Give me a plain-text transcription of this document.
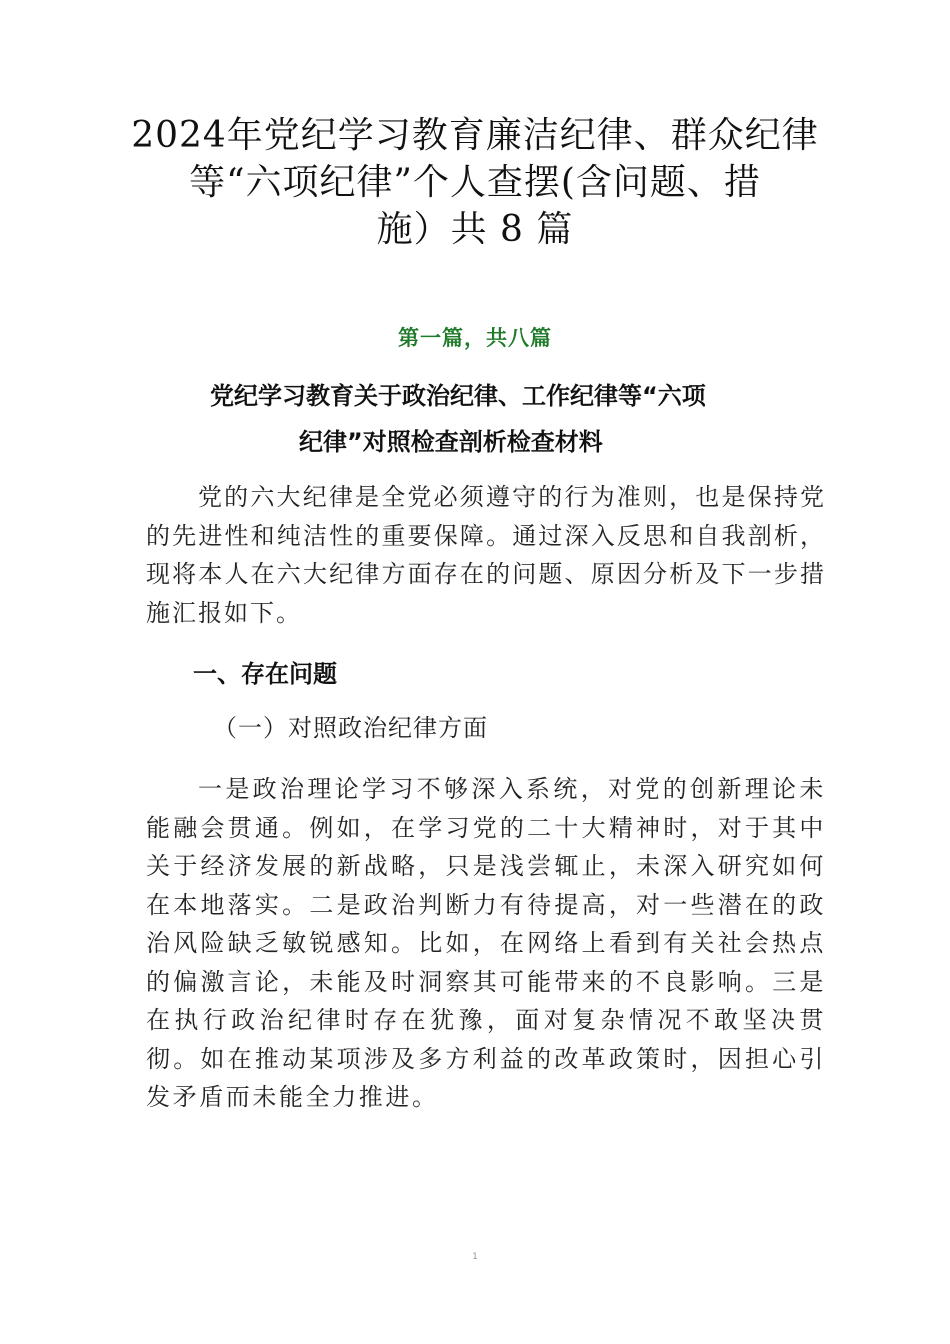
2024年党纪学习教育廉洁纪律、群众纪律
等“六项纪律”个人查摆(含问题、措
施）共 8 篇
第一篇，共八篇
党纪学习教育关于政治纪律、工作纪律等“六项
纪律”对照检查剖析检查材料

党的六大纪律是全党必须遵守的行为准则，也是保持党的先进性和纯洁性的重要保障。通过深入反思和自我剖析，现将本人在六大纪律方面存在的问题、原因分析及下一步措施汇报如下。

一、存在问题
（一）对照政治纪律方面

一是政治理论学习不够深入系统，对党的创新理论未能融会贯通。例如，在学习党的二十大精神时，对于其中关于经济发展的新战略，只是浅尝辄止，未深入研究如何在本地落实。二是政治判断力有待提高，对一些潜在的政治风险缺乏敏锐感知。比如，在网络上看到有关社会热点的偏激言论，未能及时洞察其可能带来的不良影响。三是在执行政治纪律时存在犹豫，面对复杂情况不敢坚决贯彻。如在推动某项涉及多方利益的改革政策时，因担心引发矛盾而未能全力推进。

1
